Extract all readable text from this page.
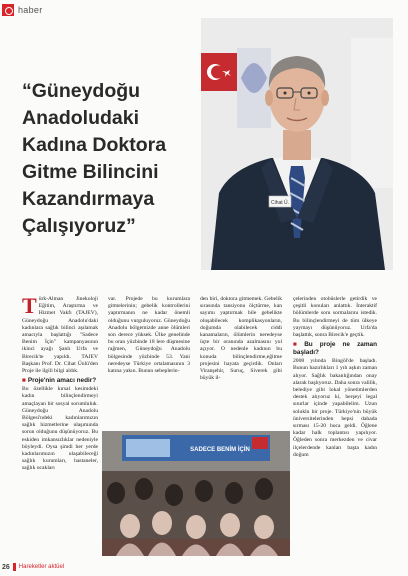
haber
“Güneydoğu
Anadoludaki
Kadına Doktora
Gitme Bilincini
Kazandırmaya
Çalışıyoruz”
Cihat Ü.

Türk-Alman Jinekoloji Eğitim, Araştırma ve Hizmet Vakfı (TAJEV), Güneydoğu Anadolu'daki kadınlara sağlık bilinci aşılamak amacıyla başlattığı "Sadece Benim İçin" kampanyasının ikinci ayağı Şanlı Urfa ve Birecik'te yapıldı. TAJEV Başkanı Prof. Dr. Cihat Ünlü'den Proje ile ilgili bilgi aldık.

■ Proje'nin amacı nedir?

Bu özellikle kırsal kesimdeki kadın bilinçlendirmeyi amaçlayan bir sosyal sorumluluk. Güneydoğu Anadolu Bölgesi'ndeki kadınlarımızın sağlık hizmetlerine ulaşımında sorun olduğunu düşünüyoruz. Bu eskiden imkansızlıklar nedeniyle böyleydi. Oysa şimdi her yerde kadınlarımızın ulaşabileceği sağlık kurumları, hastaneler, sağlık ocakları

var. Projede bu kurumlara gitmelerinin; gebelik kontrollerini yaptırmanın ne kadar önemli olduğunu vurguluyoruz. Güneydoğu Anadolu bölgemizde anne ölümleri son derece yüksek. Ülke genelinde bu oran yüzbinde 18 lere düşmesine rağmen, Güneydoğu Anadolu bölgesinde yüzbinde 53. Yani neredeyse Türkiye ortalamasının 3 katına yakın. Bunun sebeplerin-

den biri, doktora gitmemek. Gebelik sırasında tansiyonu ölçtürme, kan sayımı yaptırmak bile gebelikte oluşabilecek komplikasyonların, doğumda olabilecek ciddi kanamaların, ölümlerin neredeyse üçte bir oranında azalmasını yol açıyor. O nedenle kadının bu konuda bilinçlendirme,eğitme projesini hayata geçirdik. Onları Viranşehir, Suruç, Siverek gibi büyük il-

çelerinden otobüslerle getirdik ve çeşitli konuları anlattık. İnteraktif bölümlerde soru sormalarını istedik. Bu bilinçlendirmeyi de tüm ülkeye yaymayı düşünüyoruz. Urfa'da başlattık, sonra Birecik'e geçtik.

■ Bu proje ne zaman başladı?

2008 yılında Bingöl'de başladı. Bunun hazırlıkları 1 yılı aşkın zaman alıyor. Sağlık bakanlığından onay alarak başlıyoruz. Daha sonra valilik, belediye gibi lokal yönetimlerden destek alıyoruz ki, herşeyi legal sınırlar içinde yapabilelim. Uzun soluklu bir proje. Türkiye'nin büyük üniversitelerinden hepsi dahada sırması 15-20 hoca geldi. Öğlene kadar halk toplantısı yapılıyor. Öğleden sonra merkezden ve civar ilçelerdende kanları başta kadın doğum

SADECE BENİM İÇİN
26 Hareketler aktüel
